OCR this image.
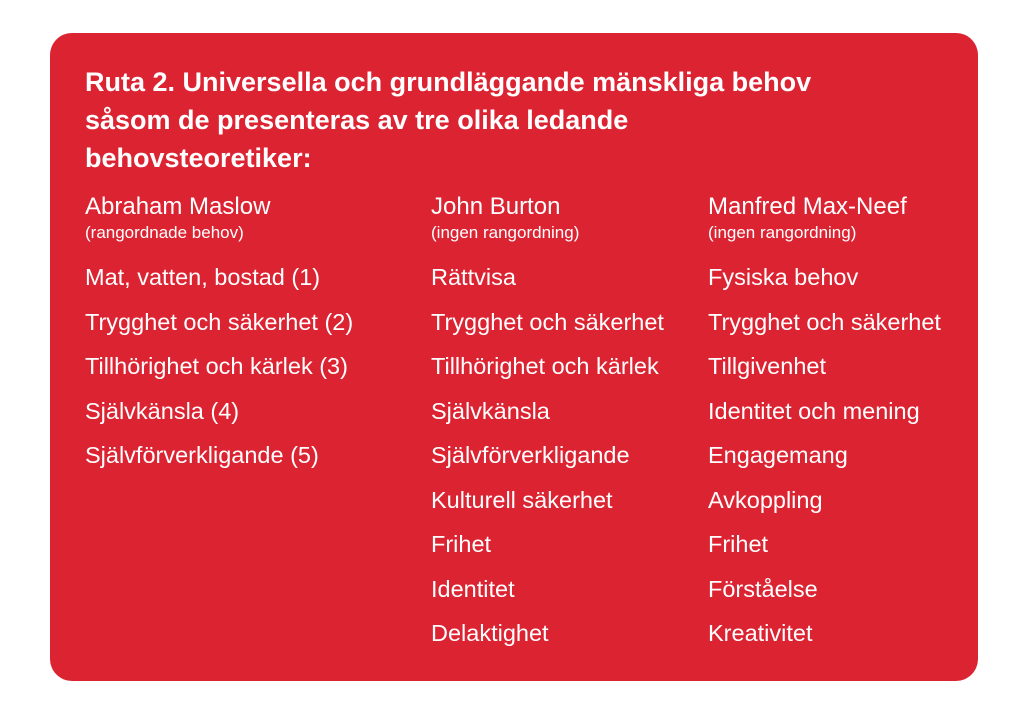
Ruta 2. Universella och grundläggande mänskliga behov såsom de presenteras av tre olika ledande behovsteoretiker:
Abraham Maslow
(rangordnade behov)
Mat, vatten, bostad (1)
Trygghet och säkerhet (2)
Tillhörighet och kärlek (3)
Självkänsla (4)
Självförverkligande (5)
John Burton
(ingen rangordning)
Rättvisa
Trygghet och säkerhet
Tillhörighet och kärlek
Självkänsla
Självförverkligande
Kulturell säkerhet
Frihet
Identitet
Delaktighet
Manfred Max-Neef
(ingen rangordning)
Fysiska behov
Trygghet och säkerhet
Tillgivenhet
Identitet och mening
Engagemang
Avkoppling
Frihet
Förståelse
Kreativitet
